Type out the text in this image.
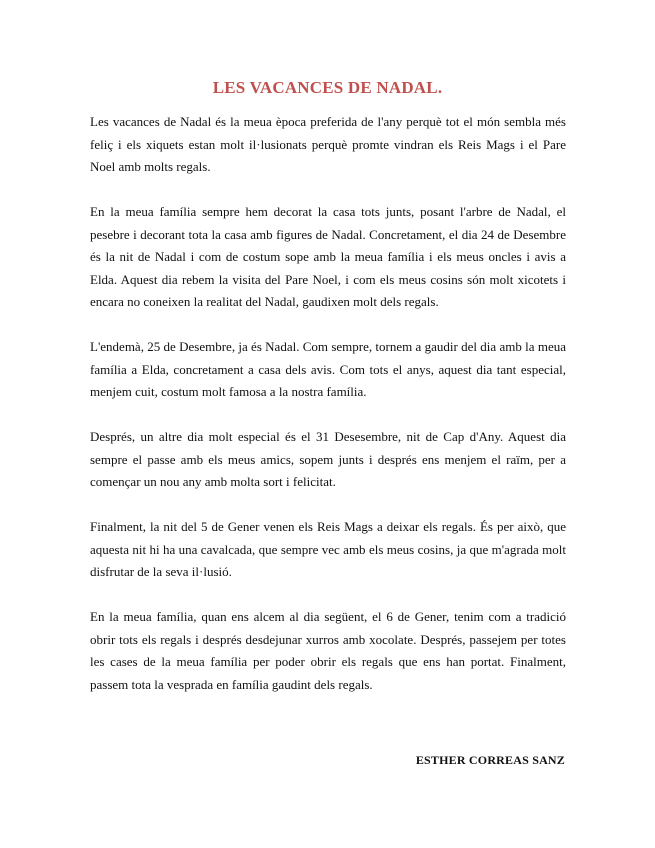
LES VACANCES DE NADAL.

Les vacances de Nadal és la meua època preferida de l'any perquè tot el món sembla més feliç i els xiquets estan molt il·lusionats perquè promte vindran els Reis Mags i el Pare Noel amb molts regals.

En la meua família sempre hem decorat la casa tots junts, posant l'arbre de Nadal, el pesebre i decorant tota la casa amb figures de Nadal. Concretament, el dia 24 de Desembre és la nit de Nadal i com de costum sope amb la meua família i els meus oncles i avis a Elda. Aquest dia rebem la visita del Pare Noel, i com els meus cosins són molt xicotets i encara no coneixen la realitat del Nadal, gaudixen molt dels regals.

L'endemà, 25 de Desembre, ja és Nadal. Com sempre, tornem a gaudir del dia amb la meua família a Elda, concretament a casa dels avis. Com tots el anys, aquest dia tant especial, menjem cuit, costum molt famosa a la nostra família.

Després, un altre dia molt especial és el 31 Desesembre, nit de Cap d'Any. Aquest dia sempre el passe amb els meus amics, sopem junts i després ens menjem el raïm, per a començar un nou any amb molta sort i felicitat.

Finalment, la nit del 5 de Gener venen els Reis Mags a deixar els regals. És per això, que aquesta nit hi ha una cavalcada, que sempre vec amb els meus cosins, ja que m'agrada molt disfrutar de la seva il·lusió.

En la meua família, quan ens alcem al dia següent, el 6 de Gener, tenim com a tradició obrir tots els regals i després desdejunar xurros amb xocolate. Després, passejem per totes les cases de la meua família per poder obrir els regals que ens han portat. Finalment, passem tota la vesprada en família gaudint dels regals.

ESTHER CORREAS SANZ
